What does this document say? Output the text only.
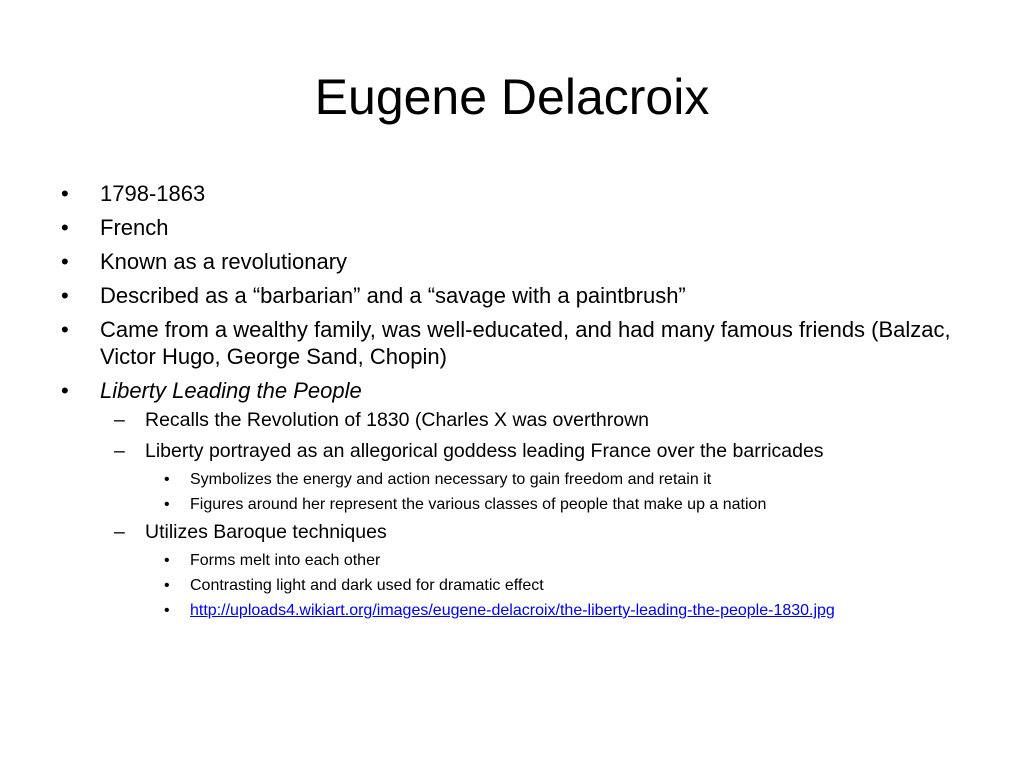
Eugene Delacroix
•	1798-1863
•	French
•	Known as a revolutionary
•	Described as a “barbarian” and a “savage with a paintbrush”
•	Came from a wealthy family, was well-educated, and had many famous friends (Balzac, Victor Hugo, George Sand, Chopin)
•	Liberty Leading the People
– Recalls the Revolution of 1830 (Charles X was overthrown
– Liberty portrayed as an allegorical goddess leading France over the barricades
• Symbolizes the energy and action necessary to gain freedom and retain it
• Figures around her represent the various classes of people that make up a nation
– Utilizes Baroque techniques
• Forms melt into each other
• Contrasting light and dark used for dramatic effect
• http://uploads4.wikiart.org/images/eugene-delacroix/the-liberty-leading-the-people-1830.jpg
